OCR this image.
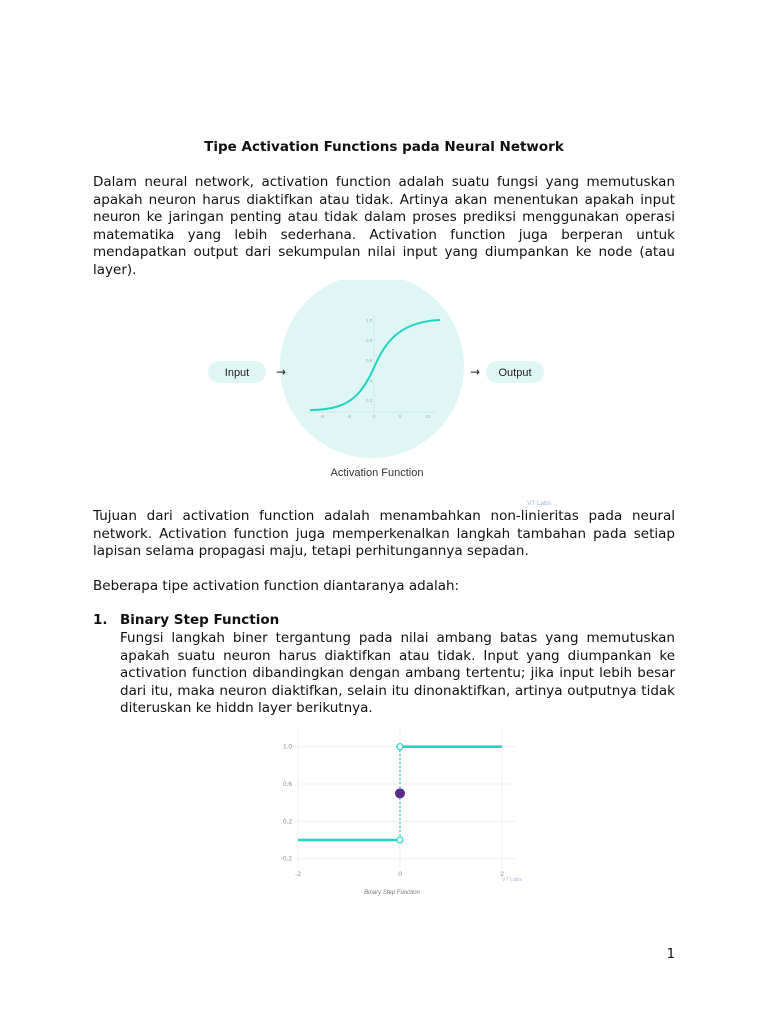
Tipe Activation Functions pada Neural Network

Dalam neural network, activation function adalah suatu fungsi yang memutuskan apakah neuron harus diaktifkan atau tidak. Artinya akan menentukan apakah input neuron ke jaringan penting atau tidak dalam proses prediksi menggunakan operasi matematika yang lebih sederhana. Activation function juga berperan untuk mendapatkan output dari sekumpulan nilai input yang diumpankan ke node (atau layer).

Input →	→ Output
1.0
0.8
0.6
0.4
0.2
-8	-5	0	5	10
Activation Function
V7 Labs

Tujuan dari activation function adalah menambahkan non-linieritas pada neural network. Activation function juga memperkenalkan langkah tambahan pada setiap lapisan selama propagasi maju, tetapi perhitungannya sepadan.

Beberapa tipe activation function diantaranya adalah:

1. Binary Step Function

Fungsi langkah biner tergantung pada nilai ambang batas yang memutuskan apakah suatu neuron harus diaktifkan atau tidak. Input yang diumpankan ke activation function dibandingkan dengan ambang tertentu; jika input lebih besar dari itu, maka neuron diaktifkan, selain itu dinonaktifkan, artinya outputnya tidak diteruskan ke hiddn layer berikutnya.

1.0
0.6
0.2
-0.2
-2	0	2
Binary Step Function
V7 Labs
1
